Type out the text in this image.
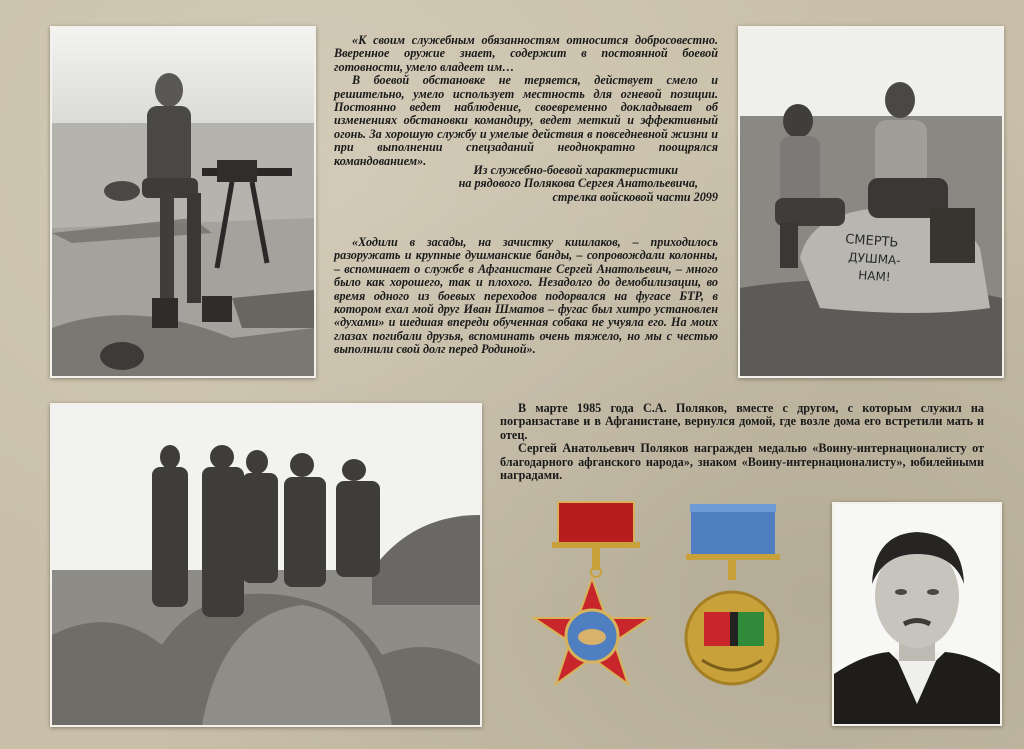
«К своим служебным обязанностям относится добросовестно. Вверенное оружие знает, содержит в постоянной боевой готовности, умело владеет им…

В боевой обстановке не теряется, действует смело и решительно, умело использует местность для огневой позиции. Постоянно ведет наблюдение, своевременно докладывает об изменениях обстановки командиру, ведет меткий и эффективный огонь. За хорошую службу и умелые действия в повседневной жизни и при выполнении спецзаданий неоднократно поощрялся командованием».

Из служебно-боевой характеристики
на рядового Полякова Сергея Анатольевича,
стрелка войсковой части 2099
СМЕРТЬ
ДУШМА-
НАМ!

«Ходили в засады, на зачистку кишлаков, – приходилось разоружать и крупные душманские банды, – сопровождали колонны, – вспоминает о службе в Афганистане Сергей Анатольевич, – много было как хорошего, так и плохого. Незадолго до демобилизации, во время одного из боевых переходов подорвался на фугасе БТР, в котором ехал мой друг Иван Шматов – фугас был хитро установлен «духами» и шедшая впереди обученная собака не учуяла его. На моих глазах погибали друзья, вспоминать очень тяжело, но мы с честью выполнили свой долг перед Родиной».

В марте 1985 года С.А. Поляков, вместе с другом, с которым служил на погранзаставе и в Афганистане, вернулся домой, где возле дома его встретили мать и отец.

Сергей Анатольевич Поляков награжден медалью «Воину-интернационалисту от благодарного афганского народа», знаком «Воину-интернационалисту», юбилейными наградами.
